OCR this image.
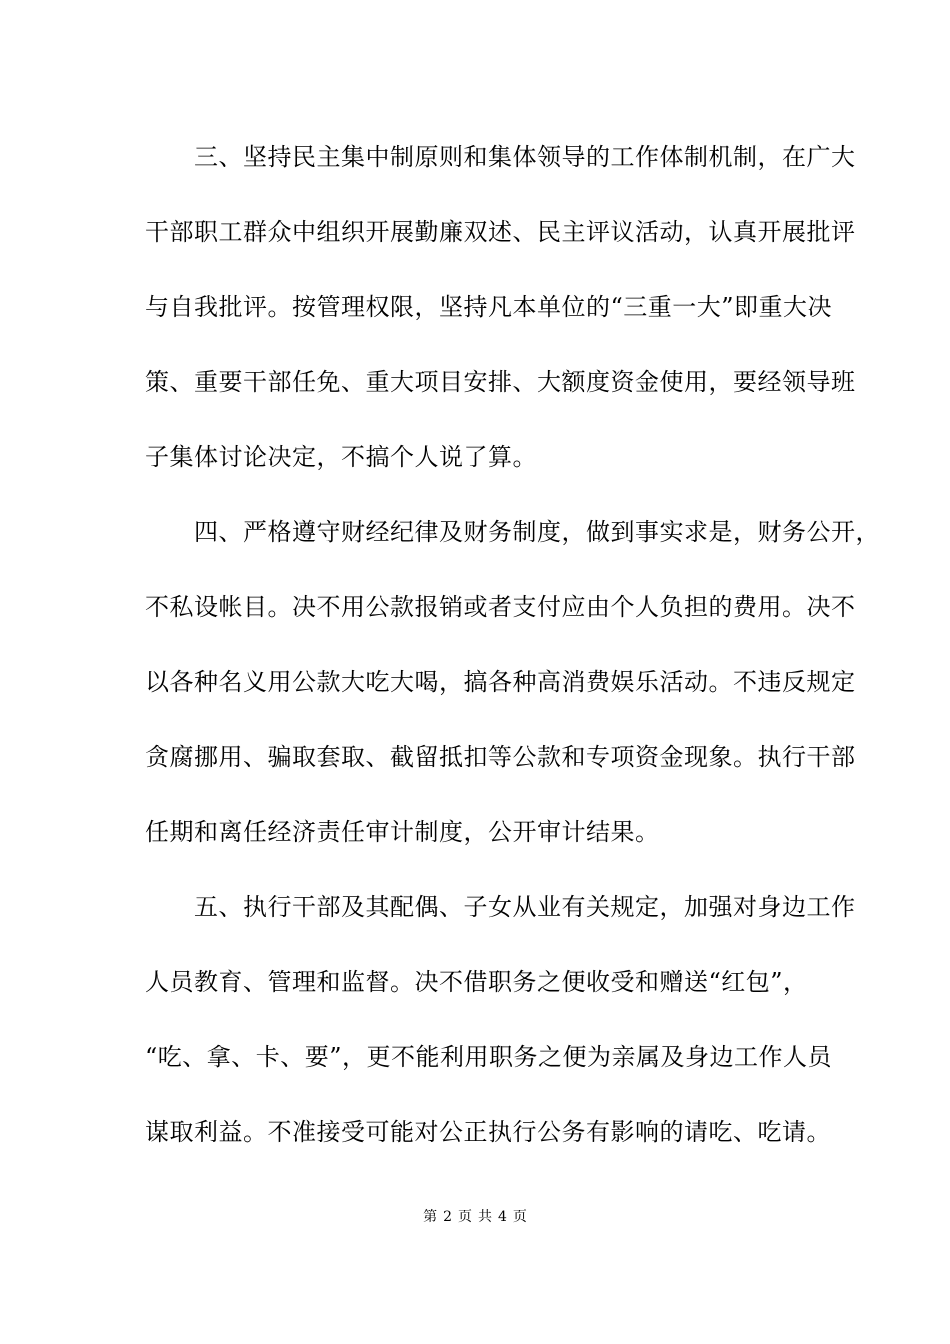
　　三、坚持民主集中制原则和集体领导的工作体制机制，在广大
干部职工群众中组织开展勤廉双述、民主评议活动，认真开展批评
与自我批评。按管理权限，坚持凡本单位的“三重一大”即重大决
策、重要干部任免、重大项目安排、大额度资金使用，要经领导班
子集体讨论决定，不搞个人说了算。
　　四、严格遵守财经纪律及财务制度，做到事实求是，财务公开，
不私设帐目。决不用公款报销或者支付应由个人负担的费用。决不
以各种名义用公款大吃大喝，搞各种高消费娱乐活动。不违反规定
贪腐挪用、骗取套取、截留抵扣等公款和专项资金现象。执行干部
任期和离任经济责任审计制度，公开审计结果。
　　五、执行干部及其配偶、子女从业有关规定，加强对身边工作
人员教育、管理和监督。决不借职务之便收受和赠送“红包”，
“吃、拿、卡、要”，更不能利用职务之便为亲属及身边工作人员
谋取利益。不准接受可能对公正执行公务有影响的请吃、吃请。
第 2 页 共 4 页
